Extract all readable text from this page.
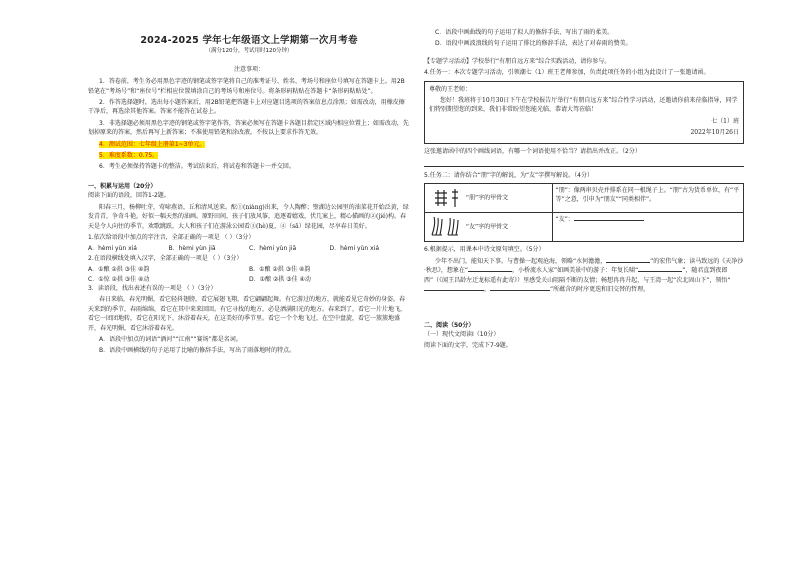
2024-2025 学年七年级语文上学期第一次月考卷
（满分120分，考试用时120分钟）
注意事项：

1．答卷前，考生务必用黑色字迹的钢笔或签字笔将自己的准考证号、姓名、考场号和座位号填写在答题卡上。用2B铅笔在“考场号”和“座位号”栏相应位置填涂自己的考场号和座位号。将条形码粘贴在答题卡“条形码粘贴处”。

2．作答选择题时，选出每小题答案后，用2B铅笔把答题卡上对应题目选项的答案信息点涂黑；如需改动，用橡皮擦干净后，再选涂其他答案。答案不能答在试卷上。

3．非选择题必须用黑色字迹的钢笔或签字笔作答，答案必须写在答题卡各题目指定区域内相应位置上；如需改动，先划掉原来的答案，然后再写上新答案；不准使用铅笔和涂改液。不按以上要求作答无效。

4．测试范围：七年级上册第1~3单元。

5．难度系数：0.75。

6．考生必须保持答题卡的整洁。考试结束后，将试卷和答题卡一并交回。

一、积累与运用（20分）

阅读下面的语段，回答1-2题。

阳春三月，杨柳吐芽，莺啼燕语，丘和清风送来。酝①(niàng)出来，令人陶醉；璧湖边公园里的油菜花开始泛黄，绿发青青，争奇斗艳，好似一幅天然的油画。原野田间，孩子们放风筝，追逐着嬉戏，伏几案上，精心描画的②(jié)构。春天是令人向往的季节，欢歌跳跃，大人和孩子们在游泳公园看③(hè)夏，④（sā）绿花园，尽享春日美好。

1.依次给语段中加点的字注音，全部正确的一项是 （ ）（3分）

A．hèmi yùn xiá	B．hèmi yùn jiā	C．hèmi yùn jiā	D．hèmi yùn xiá

2.在语段横线处填入汉字，全部正确的一项是 （ ）（3分）

A．①酿 ②拱 ③佳 ④韵	B．①酿 ②拱 ③佳 ④韵
C．①惊 ②拱 ③佳 ④动	D．①酿 ②拱 ③佳 ④动

3．读语段，找出表述有误的一项是 （ ）（3分）

春日来临，春光明媚，看它轻抖翅膀，看它展翅飞翔，看它翩翩起舞。有它游过的地方，就能看见它奇妙的身姿。春天来到的季节，春雨绵绵，看它在其中来来回回。有它寻找的地方，必是洒满阳光的地方。春来到了，看它一片片地飞，看它一团团地转，看它在阳光下，沐浴着春天，在这美好的季节里。看它一个个地飞过，在空中盘旋，看它一簇簇地盛开，春光明媚，看它沐浴着春光。

A．语段中加点的词语“酒河”“江南”“赛场”都是名词。

B．语段中画横线的句子运用了比喻的修辞手法，写出了雨落地时的特点。

C．语段中画曲线的句子运用了拟人的修辞手法，写出了雨的柔美。

D．语段中画波浪线的句子运用了排比的修辞手法，表达了对春雨的赞美。

【专题学习活动】学校举行“有朋自远方来”综合实践活动，请你参与。

4.任务一：本次专题学习活动，引领潮七（1）班王老师参加，负责此项任务的小组为此设计了一张邀请函。

尊敬的王老师：

您好！我班将于10月30日下午在学校报告厅举行“有朋自远方来”综合性学习活动，还邀请你前来莅临指导，同学们特别期望您的到来，我们非常盼望您能光临，恭请大驾莅临！

七（1）班

2022年10月26日

这张邀请函中的四个画线词语，有哪一个词语使用不恰当？请指出并改正。（2分）

5.任务二：请你结合“朋”字的解说，为“友”字撰写解说。（4分）

“朋”字的甲骨文	“朋”：像两串贝壳并排系在同一根绳子上。“朋”古为货币单位，有“平等”之意，引申为“朋友”“同类相伴”。
“友”字的甲骨文	“友”：

6.根据提示，用课本中诗文原句填空。（5分）

少年不出门，能知天下事。与曹操一起观沧海，领略“水何澹澹，	”的宏伟气象；读马致远的《天净沙·秋思》，想象在“	，小桥流水人家”如画美景中的游子：年复长啸“	”，随君直到夜郎西”（《闻王昌龄左迁龙标遥有此寄》）里感受关山阻隔不断的友情；畅想冉冉升起，与王湾一起“次北固山下”，领悟“，	”所蕴含的时序更迭和旧交替的哲理。

二、阅读（50分）

（一）现代文阅读Ⅰ（10分）

阅读下面的文字，完成下7-9题。
